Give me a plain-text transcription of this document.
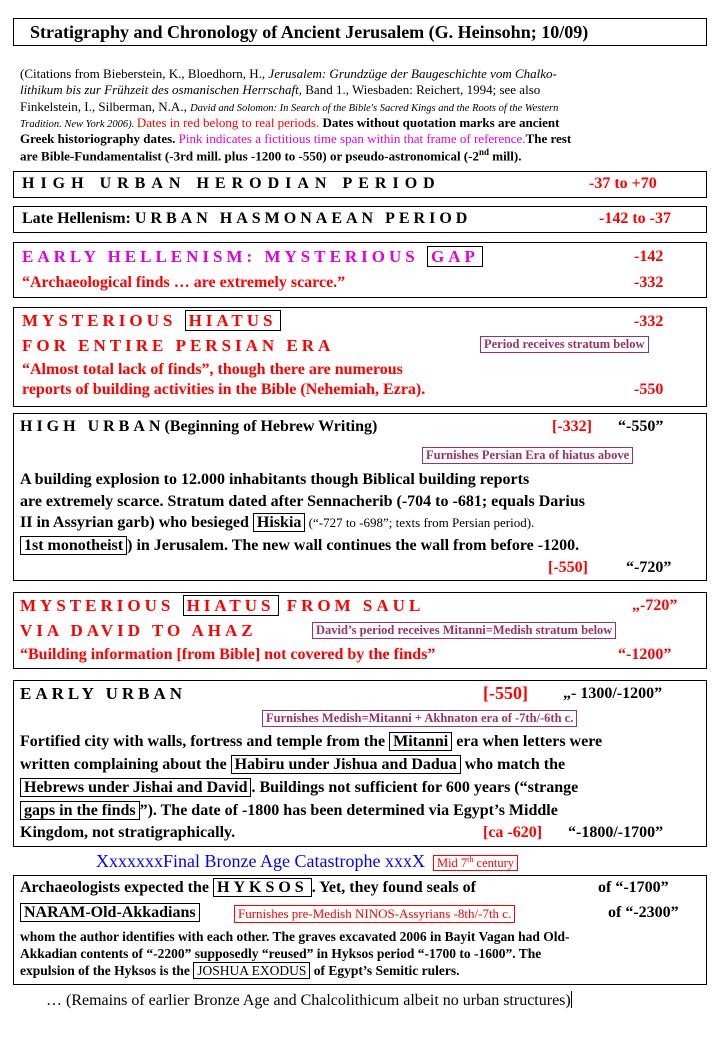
Stratigraphy and Chronology of Ancient Jerusalem (G. Heinsohn; 10/09)
(Citations from Bieberstein, K., Bloedhorn, H., Jerusalem: Grundzüge der Baugeschichte vom Chalko-
lithikum bis zur Frühzeit des osmanischen Herrschaft, Band 1., Wiesbaden: Reichert, 1994; see also
Finkelstein, I., Silberman, N.A., David and Solomon: In Search of the Bible's Sacred Kings and the Roots of the Western
Tradition. New York 2006). Dates in red belong to real periods. Dates without quotation marks are ancient
Greek historiography dates. Pink indicates a fictitious time span within that frame of reference.The rest
are Bible-Fundamentalist (-3rd mill. plus -1200 to -550) or pseudo-astronomical (-2nd mill).
HIGH URBAN HERODIAN PERIOD	-37 to +70
Late Hellenism: URBAN HASMONAEAN PERIOD	-142 to -37
EARLY HELLENISM: MYSTERIOUS GAP	-142
“Archaeological finds … are extremely scarce.”	-332
MYSTERIOUS HIATUS	-332
FOR ENTIRE PERSIAN ERA	Period receives stratum below
“Almost total lack of finds”, though there are numerous
reports of building activities in the Bible (Nehemiah, Ezra).	-550
HIGH URBAN(Beginning of Hebrew Writing)	[-332] “-550”
Furnishes Persian Era of hiatus above
A building explosion to 12.000 inhabitants though Biblical building reports
are extremely scarce. Stratum dated after Sennacherib (-704 to -681; equals Darius
II in Assyrian garb) who besieged Hiskia (“-727 to -698”; texts from Persian period).
1st monotheist ) in Jerusalem. The new wall continues the wall from before -1200.
[-550] “-720”
MYSTERIOUS HIATUS FROM SAUL	„-720”
VIA DAVID TO AHAZ	David’s period receives Mitanni=Medish stratum below
“Building information [from Bible] not covered by the finds”	“-1200”
EARLY URBAN	[-550] „- 1300/-1200”
Furnishes Medish=Mitanni + Akhnaton era of -7th/-6th c.
Fortified city with walls, fortress and temple from the Mitanni era when letters were
written complaining about the Habiru under Jishua and Dadua who match the
Hebrews under Jishai and David . Buildings not sufficient for 600 years (“strange
gaps in the finds ”). The date of -1800 has been determined via Egypt’s Middle
Kingdom, not stratigraphically.	[ca -620] “-1800/-1700”
XxxxxxxFinal Bronze Age Catastrophe xxxX Mid 7th century
Archaeologists expected the HYKSOS . Yet, they found seals of	of “-1700”
NARAM-Old-Akkadians	Furnishes pre-Medish NINOS-Assyrians -8th/-7th c.	of “-2300”
whom the author identifies with each other. The graves excavated 2006 in Bayit Vagan had Old-
Akkadian contents of “-2200” supposedly “reused” in Hyksos period “-1700 to -1600”. The
expulsion of the Hyksos is the JOSHUA EXODUS of Egypt’s Semitic rulers.
… (Remains of earlier Bronze Age and Chalcolithicum albeit no urban structures)
